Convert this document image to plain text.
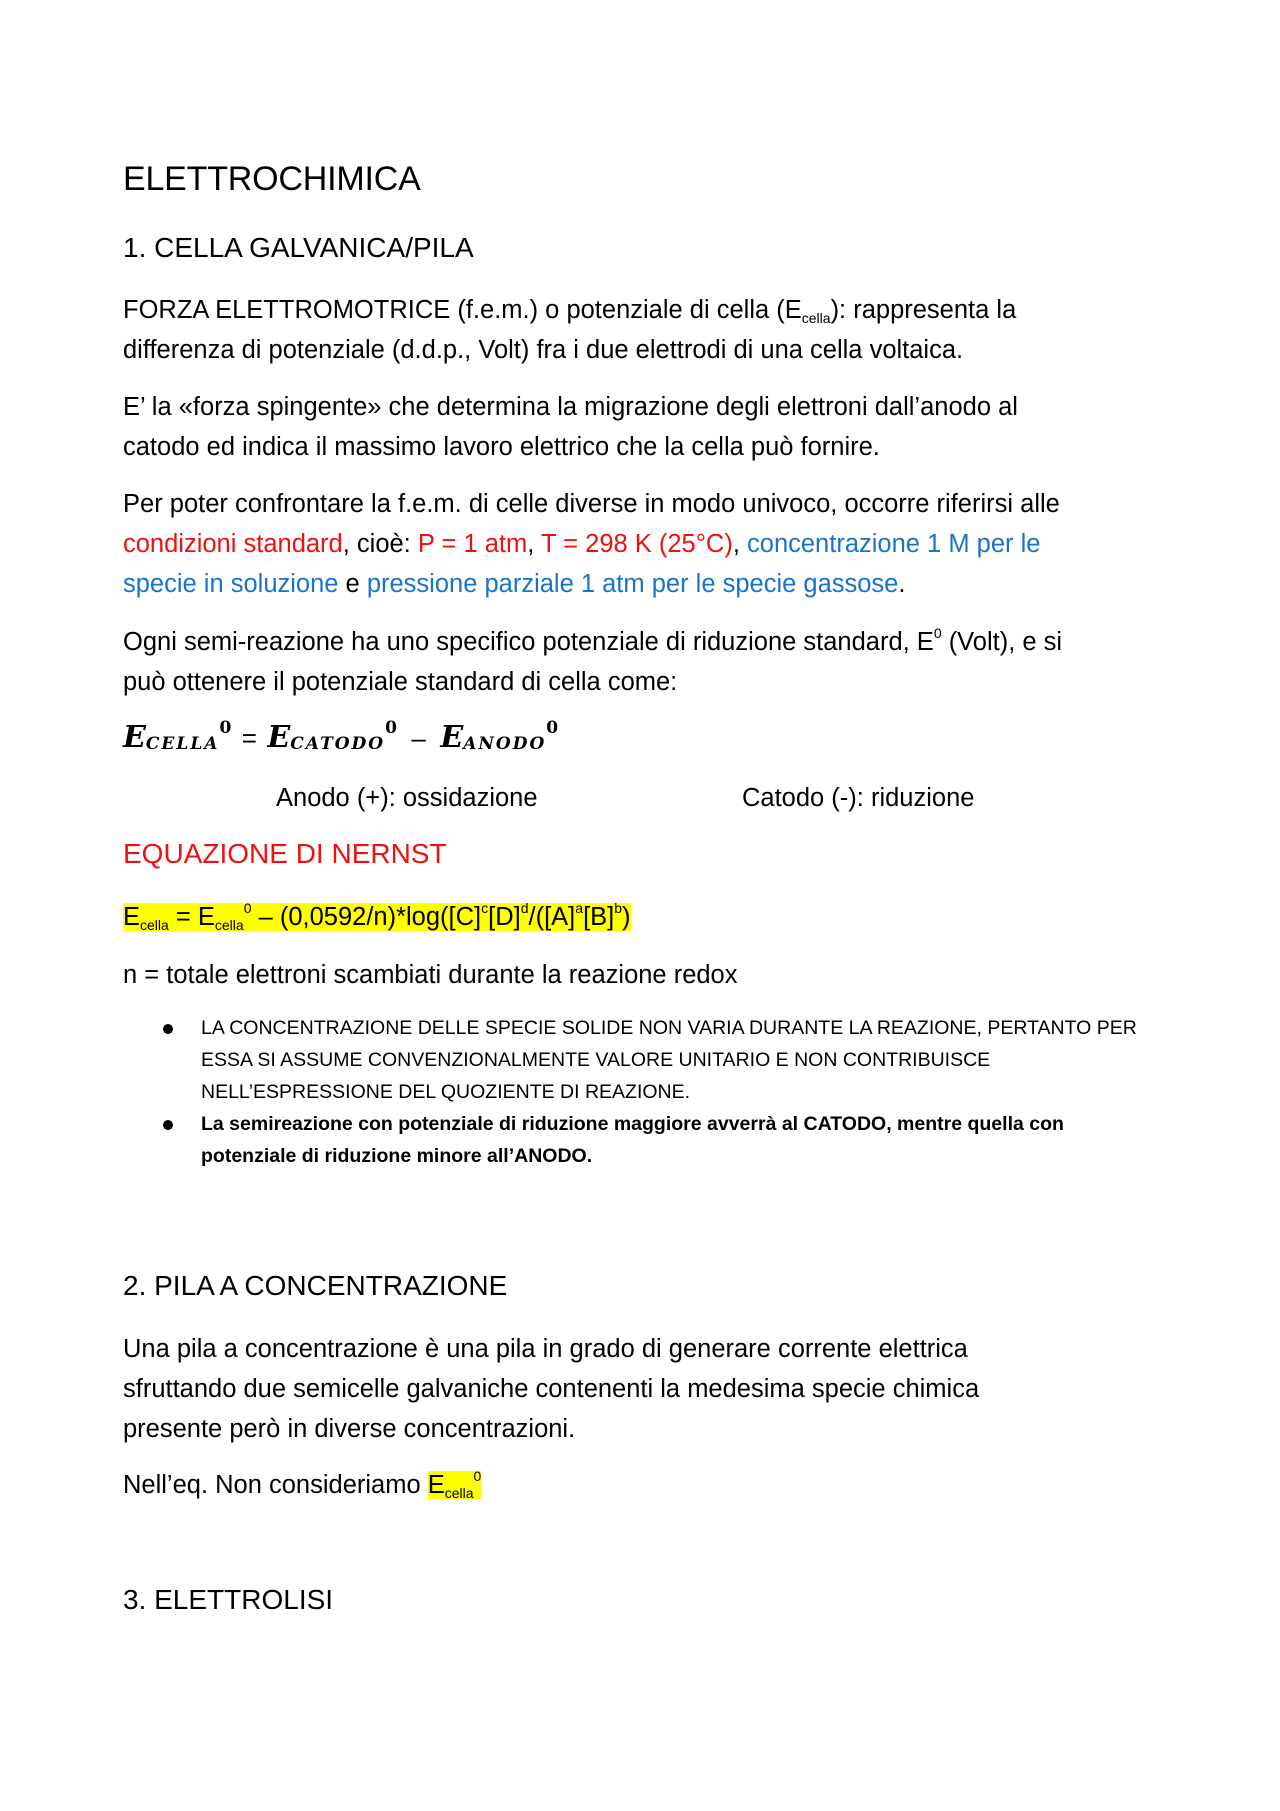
ELETTROCHIMICA
1. CELLA GALVANICA/PILA

FORZA ELETTROMOTRICE (f.e.m.) o potenziale di cella $(E_{cella})$: rappresenta la
differenza di potenziale (d.d.p., Volt) fra i due elettrodi di una cella voltaica.

E’ la «forza spingente» che determina la migrazione degli elettroni dall’anodo al
catodo ed indica il massimo lavoro elettrico che la cella può fornire.

Per poter confrontare la f.e.m. di celle diverse in modo univoco, occorre riferirsi alle
condizioni standard, cioè: P = 1 atm, T = 298 K (25°C), concentrazione 1 M per le
specie in soluzione e pressione parziale 1 atm per le specie gassose.

Ogni semi-reazione ha uno specifico potenziale di riduzione standard, $E^0$ (Volt), e si
può ottenere il potenziale standard di cella come:

$ECELLA^0$ = $ECATODO^0$ – EANODO$^0$
Anodo (+): ossidazione	Catodo (-): riduzione
EQUAZIONE DI NERNST
$E_{cella} = E_{cella}^0 - (0,0592/n)*\log([C]^c[D]^d/([A]^a[B]^b)$
n = totale elettroni scambiati durante la reazione redox
LA CONCENTRAZIONE DELLE SPECIE SOLIDE NON VARIA DURANTE LA REAZIONE, PERTANTO PER ESSA SI ASSUME CONVENZIONALMENTE VALORE UNITARIO E NON CONTRIBUISCE NELL’ESPRESSIONE DEL QUOZIENTE DI REAZIONE.
La semireazione con potenziale di riduzione maggiore avverrà al CATODO, mentre quella con potenziale di riduzione minore all’ANODO.
2. PILA A CONCENTRAZIONE

Una pila a concentrazione è una pila in grado di generare corrente elettrica
sfruttando due semicelle galvaniche contenenti la medesima specie chimica
presente però in diverse concentrazioni.

Nell’eq. Non consideriamo $E_{cella}^0$

3. ELETTROLISI
